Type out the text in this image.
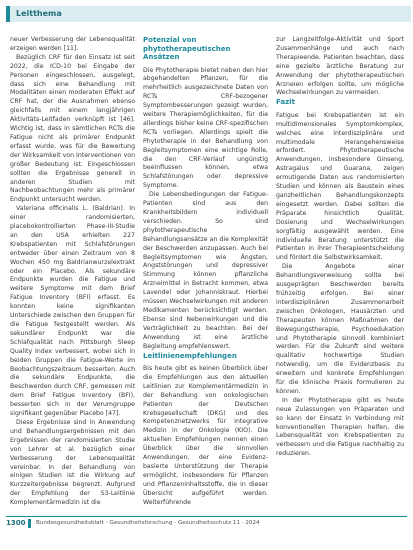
Leitthema

neuer Verbesserung der Lebensqualität erzeigen werden [11].

Bezüglich CRF für den Einsatz ist seit 2022, die ICD-10 bei Eingabe der Personen eingeschlossen, ausgelegt, dass sich eine Behandlung mit Modalitäten einen moderaten Effekt auf CRF hat, der die Ausnahmen ebenso gleichfalls mit einem langjährigen Aktivitäts-Leitfaden verknüpft ist [46]. Wichtig ist, dass in sämtlichen RCTs die Fatigue nicht als primärer Endpunkt erfasst wurde, was für die Bewertung der Wirksamkeit von Interventionen von großer Bedeutung ist. Eingeschlossen sollten die Ergebnisse generell in anderen Studien mit Nachbeobachtungen mehr als primärer Endpunkt untersucht werden.

Valeriana officinalis L. (Baldrian). In einer randomisierten, placebokontrollierten Phase-III-Studie an den USA erhielten 227 Krebspatienten mit Schlafstörungen entweder über einen Zeitraum von 8 Wochen 450 mg Baldrianwurzelextrakt oder ein Placebo. Als sekundäre Endpunkte wurden die Fatigue und weitere Symptome mit dem Brief Fatigue Inventory (BFI) erfasst. Es konnten keine signifikanten Unterschiede zwischen den Gruppen für die Fatigue festgestellt werden. Als sekundärer Endpunkt war die Schlafqualität nach Pittsburgh Sleep Quality Index verbessert, wobei sich in beiden Gruppen die Fatigue-Werte im Beobachtungszeitraum besserten. Auch die sekundäre Endpunkte, die Beschwerden durch CRF, gemessen mit dem Brief Fatigue Inventory (BFI), besserten sich in der Verumgruppe signifikant gegenüber Placebo [47].

Diese Ergebnisse sind in Anwendung und Behandlungsergebnissen mit den Ergebnissen der randomisierten Studie von Lehrer et al. bezüglich einer Verbesserung der Lebensqualität vereinbar. In der Behandlung von einigen Studien ist die Wirkung auf Kurzzeitergebnisse begrenzt. Aufgrund der Empfehlung der S3-Leitlinie Komplementärmedizin ist die

Potenzial von phytotherapeutischen Ansätzen

Die Phytotherapie bietet neben den hier abgehandelten Pflanzen, für die mehrheitlich ausgezeichnete Daten von RCTs CRF-bezogener Symptombesserungen gezeigt wurden, weitere Therapiemöglichkeiten, für die allerdings bisher keine CRF-spezifischen RCTs vorliegen. Allerdings spielt die Phytotherapie in der Behandlung von Begleitsymptomen eine wichtige Rolle, die den CRF-Verlauf ungünstig beeinflussen können, etwa Schlafstörungen oder depressive Symptome.

Die Lebensbedingungen der Fatigue-Patienten sind aus den Krankheitsbildern individuell verschieden. So sind phytotherapeutische Behandlungsansätze an die Komplexität der Beschwerden anzupassen. Auch bei Begleitsymptomen wie Ängsten, Angststörungen und depressiver Stimmung können pflanzliche Arzneimittel in Betracht kommen, etwa Lavendel oder Johanniskraut. Hierbei müssen Wechselwirkungen mit anderen Medikamenten berücksichtigt werden. Ebenso sind Nebenwirkungen und die Verträglichkeit zu beachten. Bei der Anwendung ist eine ärztliche Begleitung empfehlenswert.

Leitlinienempfehlungen

Bis heute gibt es keinen Überblick über die Empfehlungen aus den aktuellen Leitlinien zur Komplementärmedizin in der Behandlung von onkologischen Patienten der Deutschen Krebsgesellschaft (DKG) und des Kompetenznetzwerks für Integrative Medizin in der Onkologie (KIO). Die aktuellen Empfehlungen nennen einen Überblick über die sinnvollen Anwendungen, der eine Evidenz-basierte Unterstützung der Therapie ermöglicht, insbesondere für Pflanzen und Pflanzeninhaltsstoffe, die in dieser Übersicht aufgeführt werden. Weiterführende

zur Langzeitfolge-Aktivität und Sport Zusammenhänge und auch nach Therapieende. Patienten beachten, dass eine gezielte ärztliche Beratung zur Anwendung der phytotherapeutischen Arzneien erfolgen sollte, um mögliche Wechselwirkungen zu vermeiden.

Fazit

Fatigue bei Krebspatienten ist ein multidimensionales Symptomkomplex, welches eine interdisziplinäre und multimodale Herangehensweise erfordert. Phytotherapeutische Anwendungen, insbesondere Ginseng, Astragalus und Guarana, zeigen ermutigende Daten aus randomisierten Studien und können als Baustein eines ganzheitlichen Behandlungskonzepts eingesetzt werden. Dabei sollten die Präparate hinsichtlich Qualität, Dosierung und Wechselwirkungen sorgfältig ausgewählt werden. Eine individuelle Beratung unterstützt die Patienten in ihrer Therapieentscheidung und fördert die Selbstwirksamkeit.

Die Angebote einer Behandlungsverweisung sollte bei ausgeprägten Beschwerden bereits frühzeitig erfolgen. Bei einer interdisziplinären Zusammenarbeit zwischen Onkologen, Hausärzten und Therapeuten können Maßnahmen der Bewegungstherapie, Psychoedukation und Phytotherapie sinnvoll kombiniert werden. Für die Zukunft sind weitere qualitativ hochwertige Studien notwendig, um die Evidenzbasis zu erweitern und konkrete Empfehlungen für die klinische Praxis formulieren zu können.

In der Phytotherapie gibt es heute neue Zulassungen von Präparaten und so kann der Einsatz in Verbindung mit konventionellen Therapien helfen, die Lebensqualität von Krebspatienten zu verbessern und die Fatigue nachhaltig zu reduzieren.

1300 Bundesgesundheitsblatt - Gesundheitsforschung - Gesundheitsschutz 11 · 2024
